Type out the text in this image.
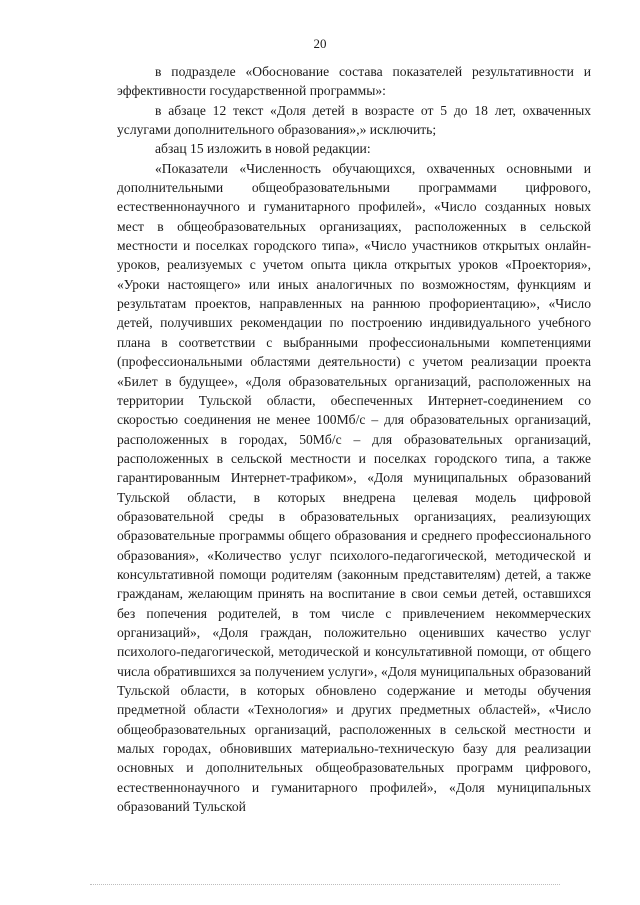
20

в подразделе «Обоснование состава показателей результативности и эффективности государственной программы»:

в абзаце 12 текст «Доля детей в возрасте от 5 до 18 лет, охваченных услугами дополнительного образования»,» исключить;

абзац 15 изложить в новой редакции:

«Показатели «Численность обучающихся, охваченных основными и дополнительными общеобразовательными программами цифрового, естественнонаучного и гуманитарного профилей», «Число созданных новых мест в общеобразовательных организациях, расположенных в сельской местности и поселках городского типа», «Число участников открытых онлайн-уроков, реализуемых с учетом опыта цикла открытых уроков «Проектория», «Уроки настоящего» или иных аналогичных по возможностям, функциям и результатам проектов, направленных на раннюю профориентацию», «Число детей, получивших рекомендации по построению индивидуального учебного плана в соответствии с выбранными профессиональными компетенциями (профессиональными областями деятельности) с учетом реализации проекта «Билет в будущее», «Доля образовательных организаций, расположенных на территории Тульской области, обеспеченных Интернет-соединением со скоростью соединения не менее 100Мб/с – для образовательных организаций, расположенных в городах, 50Мб/с – для образовательных организаций, расположенных в сельской местности и поселках городского типа, а также гарантированным Интернет-трафиком», «Доля муниципальных образований Тульской области, в которых внедрена целевая модель цифровой образовательной среды в образовательных организациях, реализующих образовательные программы общего образования и среднего профессионального образования», «Количество услуг психолого-педагогической, методической и консультативной помощи родителям (законным представителям) детей, а также гражданам, желающим принять на воспитание в свои семьи детей, оставшихся без попечения родителей, в том числе с привлечением некоммерческих организаций», «Доля граждан, положительно оценивших качество услуг психолого-педагогической, методической и консультативной помощи, от общего числа обратившихся за получением услуги», «Доля муниципальных образований Тульской области, в которых обновлено содержание и методы обучения предметной области «Технология» и других предметных областей», «Число общеобразовательных организаций, расположенных в сельской местности и малых городах, обновивших материально-техническую базу для реализации основных и дополнительных общеобразовательных программ цифрового, естественнонаучного и гуманитарного профилей», «Доля муниципальных образований Тульской
